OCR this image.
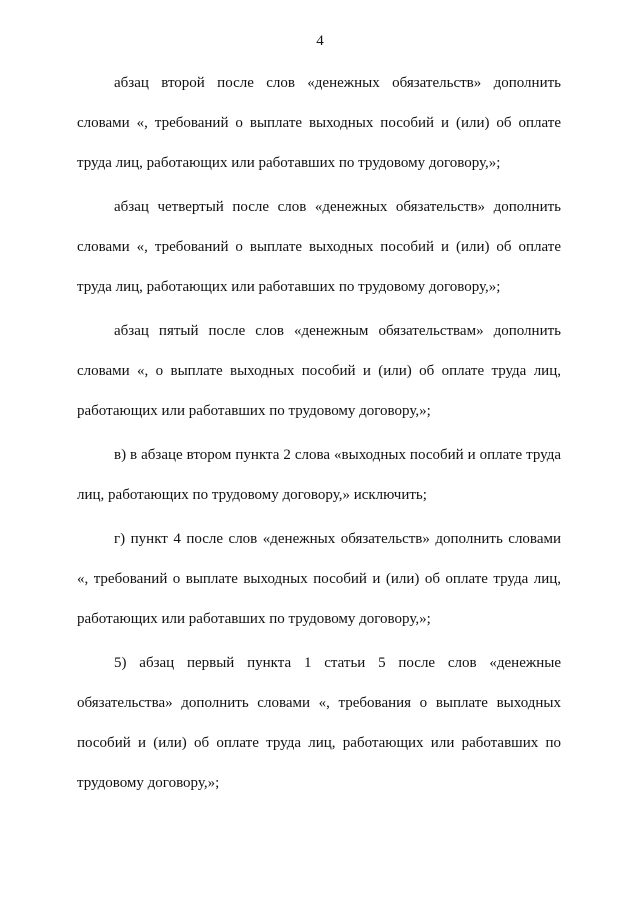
4

абзац второй после слов «денежных обязательств» дополнить словами «, требований о выплате выходных пособий и (или) об оплате труда лиц, работающих или работавших по трудовому договору,»;

абзац четвертый после слов «денежных обязательств» дополнить словами «, требований о выплате выходных пособий и (или) об оплате труда лиц, работающих или работавших по трудовому договору,»;

абзац пятый после слов «денежным обязательствам» дополнить словами «, о выплате выходных пособий и (или) об оплате труда лиц, работающих или работавших по трудовому договору,»;

в) в абзаце втором пункта 2 слова «выходных пособий и оплате труда лиц, работающих по трудовому договору,» исключить;

г) пункт 4 после слов «денежных обязательств» дополнить словами «, требований о выплате выходных пособий и (или) об оплате труда лиц, работающих или работавших по трудовому договору,»;

5) абзац первый пункта 1 статьи 5 после слов «денежные обязательства» дополнить словами «, требования о выплате выходных пособий и (или) об оплате труда лиц, работающих или работавших по трудовому договору,»;
